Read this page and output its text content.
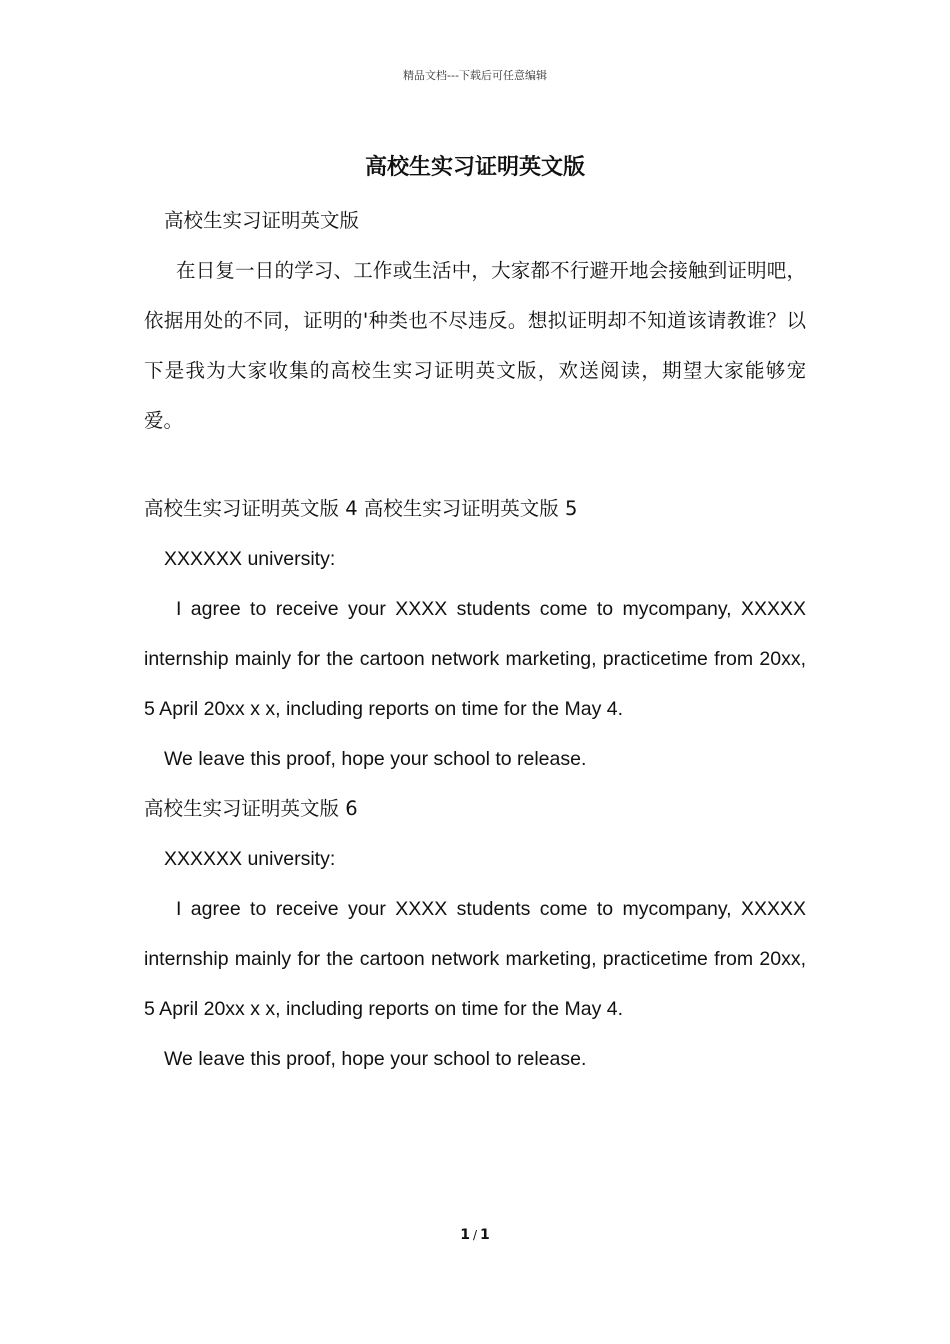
精品文档---下载后可任意编辑
高校生实习证明英文版

高校生实习证明英文版

在日复一日的学习、工作或生活中，大家都不行避开地会接触到证明吧，依据用处的不同，证明的'种类也不尽违反。想拟证明却不知道该请教谁？以下是我为大家收集的高校生实习证明英文版，欢送阅读，期望大家能够宠爱。

高校生实习证明英文版 4 高校生实习证明英文版 5

XXXXXX university:

I agree to receive your XXXX students come to mycompany, XXXXX internship mainly for the cartoon network marketing, practicetime from 20xx, 5 April 20xx x x, including reports on time for the May 4.

We leave this proof, hope your school to release.

高校生实习证明英文版 6

XXXXXX university:

I agree to receive your XXXX students come to mycompany, XXXXX internship mainly for the cartoon network marketing, practicetime from 20xx, 5 April 20xx x x, including reports on time for the May 4.

We leave this proof, hope your school to release.

1 / 1
